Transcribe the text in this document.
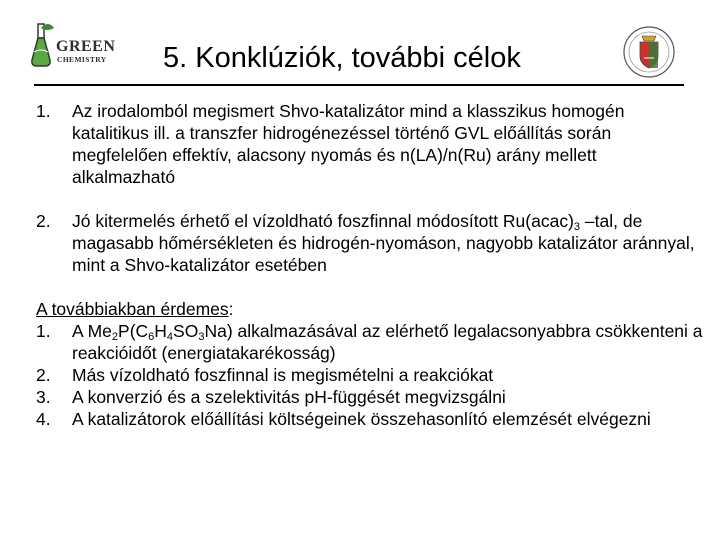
GREEN
CHEMISTRY 5. Konklúziók, további célok
1. Az irodalomból megismert Shvo-katalizátor mind a klasszikus homogén katalitikus ill. a transzfer hidrogénezéssel történő GVL előállítás során megfelelően effektív, alacsony nyomás és n(LA)/n(Ru) arány mellett alkalmazható
2. Jó kitermelés érhető el vízoldható foszfinnal módosított $Ru(acac)_3$ –tal, de magasabb hőmérsékleten és hidrogén-nyomáson, nagyobb katalizátor aránnyal, mint a Shvo-katalizátor esetében
A továbbiakban érdemes:
1. A $Me_2P(C_6H_4SO_3Na)$ alkalmazásával az elérhető legalacsonyabbra csökkenteni a reakcióidőt (energiatakarékosság)
2. Más vízoldható foszfinnal is megismételni a reakciókat
3. A konverzió és a szelektivitás pH-függését megvizsgálni
4. A katalizátorok előállítási költségeinek összehasonlító elemzését elvégezni
